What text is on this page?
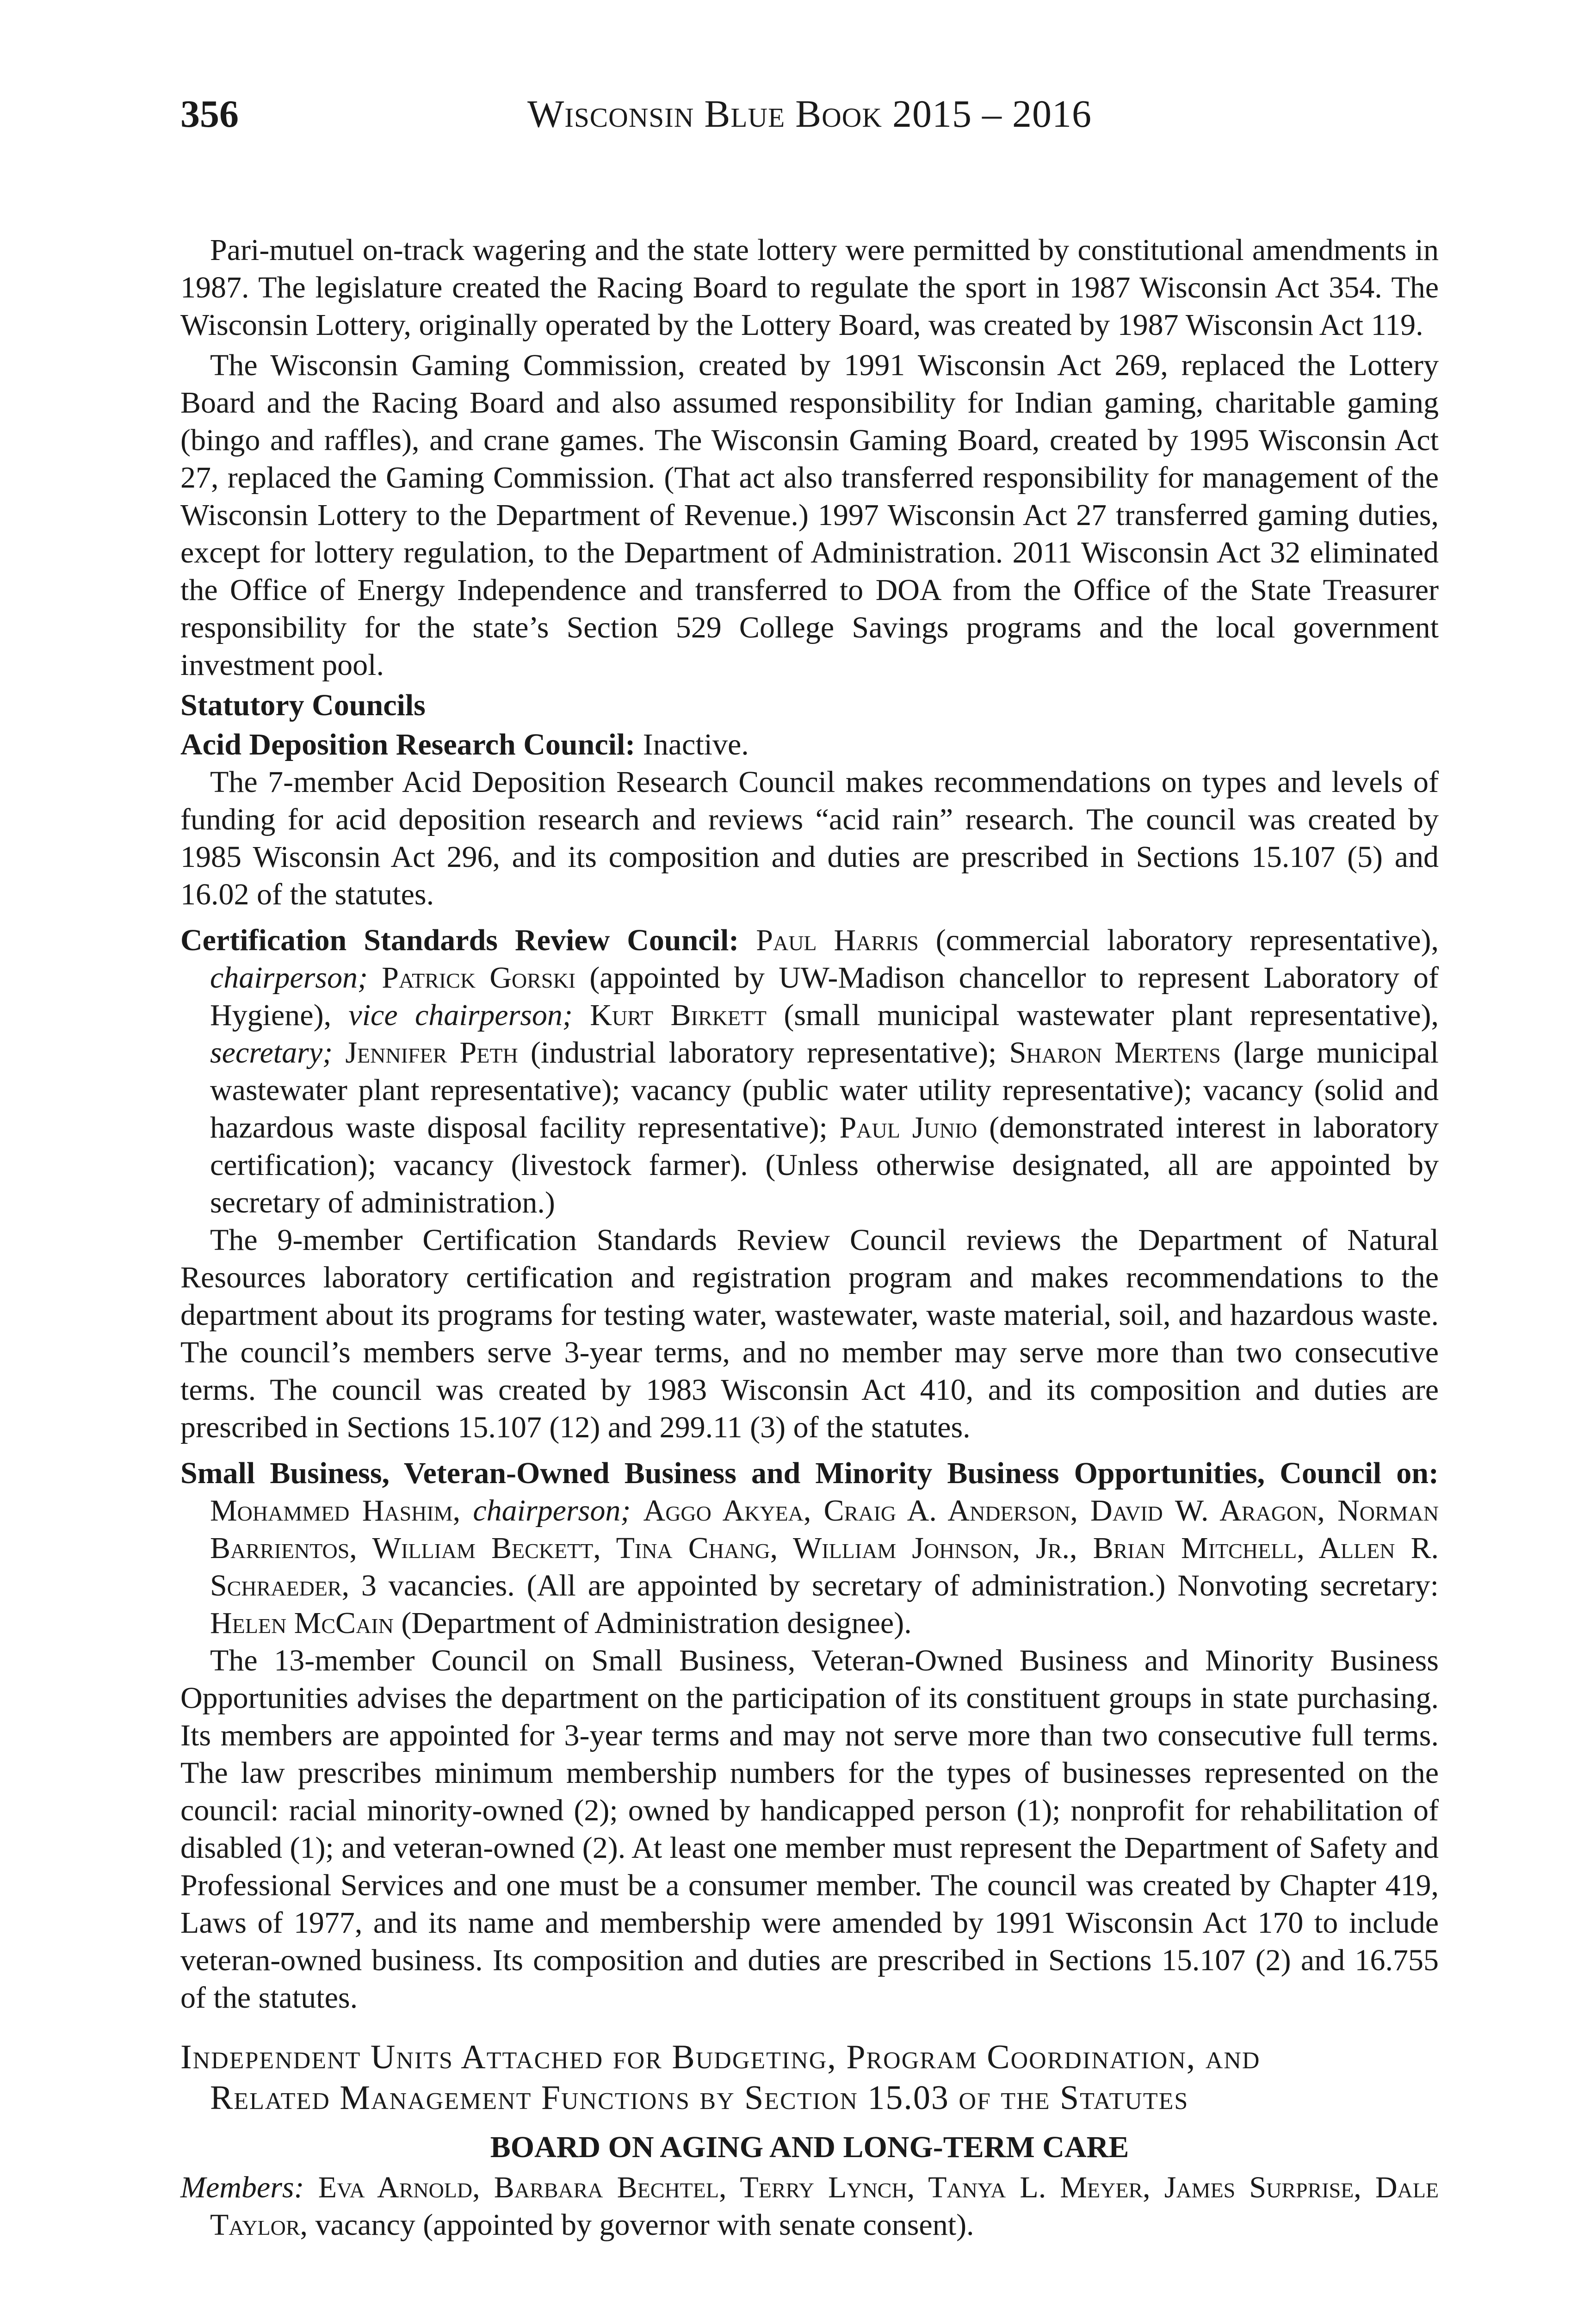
356	Wisconsin Blue Book 2015 – 2016

Pari-mutuel on-track wagering and the state lottery were permitted by constitutional amendments in 1987. The legislature created the Racing Board to regulate the sport in 1987 Wisconsin Act 354. The Wisconsin Lottery, originally operated by the Lottery Board, was created by 1987 Wisconsin Act 119.

The Wisconsin Gaming Commission, created by 1991 Wisconsin Act 269, replaced the Lottery Board and the Racing Board and also assumed responsibility for Indian gaming, charitable gaming (bingo and raffles), and crane games. The Wisconsin Gaming Board, created by 1995 Wisconsin Act 27, replaced the Gaming Commission. (That act also transferred responsibility for management of the Wisconsin Lottery to the Department of Revenue.) 1997 Wisconsin Act 27 transferred gaming duties, except for lottery regulation, to the Department of Administration. 2011 Wisconsin Act 32 eliminated the Office of Energy Independence and transferred to DOA from the Office of the State Treasurer responsibility for the state’s Section 529 College Savings programs and the local government investment pool.

Statutory Councils

Acid Deposition Research Council: Inactive.

The 7-member Acid Deposition Research Council makes recommendations on types and levels of funding for acid deposition research and reviews “acid rain” research. The council was created by 1985 Wisconsin Act 296, and its composition and duties are prescribed in Sections 15.107 (5) and 16.02 of the statutes.

Certification Standards Review Council: Paul Harris (commercial laboratory representative), chairperson; Patrick Gorski (appointed by UW-Madison chancellor to represent Laboratory of Hygiene), vice chairperson; Kurt Birkett (small municipal wastewater plant representative), secretary; Jennifer Peth (industrial laboratory representative); Sharon Mertens (large municipal wastewater plant representative); vacancy (public water utility representative); vacancy (solid and hazardous waste disposal facility representative); Paul Junio (demonstrated interest in laboratory certification); vacancy (livestock farmer). (Unless otherwise designated, all are appointed by secretary of administration.)

The 9-member Certification Standards Review Council reviews the Department of Natural Resources laboratory certification and registration program and makes recommendations to the department about its programs for testing water, wastewater, waste material, soil, and hazardous waste. The council’s members serve 3-year terms, and no member may serve more than two consecutive terms. The council was created by 1983 Wisconsin Act 410, and its composition and duties are prescribed in Sections 15.107 (12) and 299.11 (3) of the statutes.

Small Business, Veteran-Owned Business and Minority Business Opportunities, Council on: Mohammed Hashim, chairperson; Aggo Akyea, Craig A. Anderson, David W. Aragon, Norman Barrientos, William Beckett, Tina Chang, William Johnson, Jr., Brian Mitchell, Allen R. Schraeder, 3 vacancies. (All are appointed by secretary of administration.) Nonvoting secretary: Helen McCain (Department of Administration designee).

The 13-member Council on Small Business, Veteran-Owned Business and Minority Business Opportunities advises the department on the participation of its constituent groups in state purchasing. Its members are appointed for 3-year terms and may not serve more than two consecutive full terms. The law prescribes minimum membership numbers for the types of businesses represented on the council: racial minority-owned (2); owned by handicapped person (1); nonprofit for rehabilitation of disabled (1); and veteran-owned (2). At least one member must represent the Department of Safety and Professional Services and one must be a consumer member. The council was created by Chapter 419, Laws of 1977, and its name and membership were amended by 1991 Wisconsin Act 170 to include veteran-owned business. Its composition and duties are prescribed in Sections 15.107 (2) and 16.755 of the statutes.

Independent Units Attached for Budgeting, Program Coordination, and
Related Management Functions by Section 15.03 of the Statutes

BOARD ON AGING AND LONG-TERM CARE

Members: Eva Arnold, Barbara Bechtel, Terry Lynch, Tanya L. Meyer, James Surprise, Dale Taylor, vacancy (appointed by governor with senate consent).
